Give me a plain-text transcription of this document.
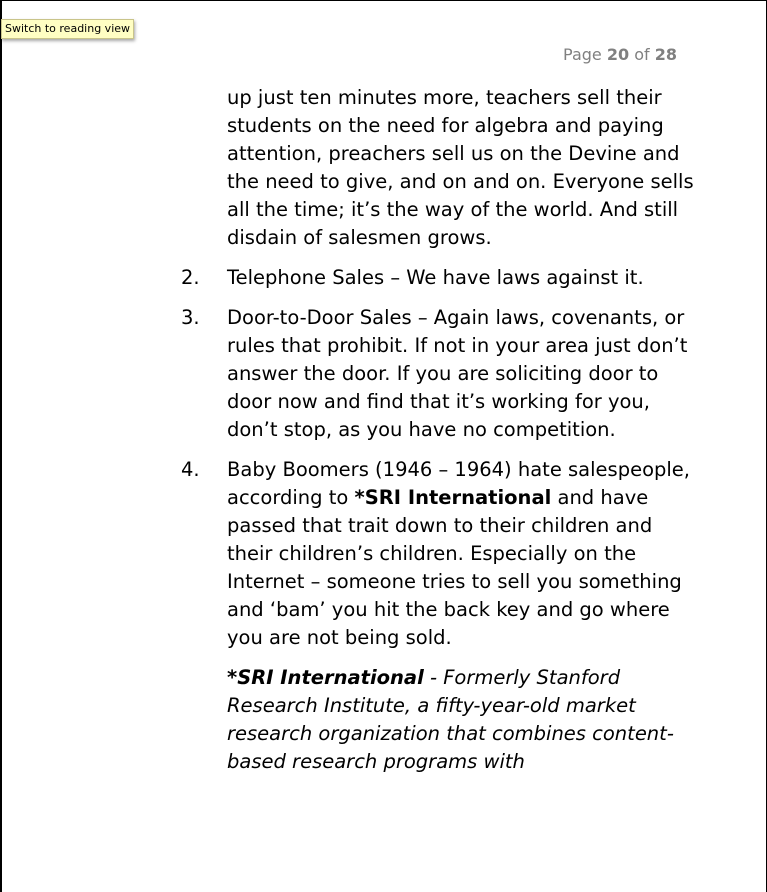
Switch to reading view
Page 20 of 28

up just ten minutes more, teachers sell their students on the need for algebra and paying attention, preachers sell us on the Devine and the need to give, and on and on. Everyone sells all the time; it’s the way of the world. And still disdain of salesmen grows.

2. Telephone Sales – We have laws against it.
3. Door-to-Door Sales – Again laws, covenants, or rules that prohibit. If not in your area just don’t answer the door. If you are soliciting door to door now and find that it’s working for you, don’t stop, as you have no competition.
4. Baby Boomers (1946 – 1964) hate salespeople, according to *SRI International and have passed that trait down to their children and their children’s children. Especially on the Internet – someone tries to sell you something and ‘bam’ you hit the back key and go where you are not being sold.

*SRI International - Formerly Stanford Research Institute, a fifty-year-old market research organization that combines content-based research programs with
